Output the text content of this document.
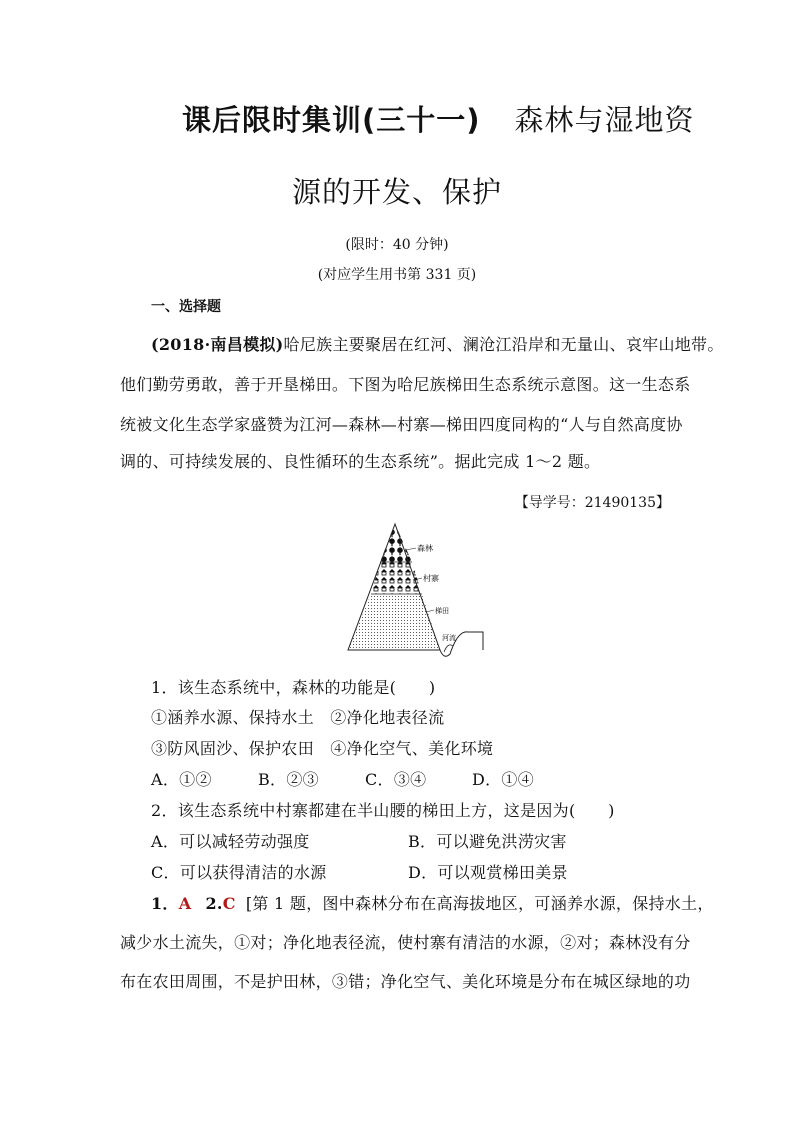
课后限时集训(三十一) 森林与湿地资
源的开发、保护
(限时：40 分钟)
(对应学生用书第 331 页)
一、选择题
(2018·南昌模拟)哈尼族主要聚居在红河、澜沧江沿岸和无量山、哀牢山地带。
他们勤劳勇敢，善于开垦梯田。下图为哈尼族梯田生态系统示意图。这一生态系
统被文化生态学家盛赞为江河—森林—村寨—梯田四度同构的“人与自然高度协
调的、可持续发展的、良性循环的生态系统”。据此完成 1～2 题。
【导学号：21490135】
森林
村寨
梯田
河流
1．该生态系统中，森林的功能是(　　)
①涵养水源、保持水土　②净化地表径流
③防风固沙、保护农田　④净化空气、美化环境
A．①②	B．②③	C．③④	D．①④
2．该生态系统中村寨都建在半山腰的梯田上方，这是因为(　　)
A．可以减轻劳动强度	B．可以避免洪涝灾害
C．可以获得清洁的水源	D．可以观赏梯田美景
1．A 2.C [第 1 题，图中森林分布在高海拔地区，可涵养水源，保持水土，
减少水土流失，①对；净化地表径流，使村寨有清洁的水源，②对；森林没有分
布在农田周围，不是护田林，③错；净化空气、美化环境是分布在城区绿地的功
